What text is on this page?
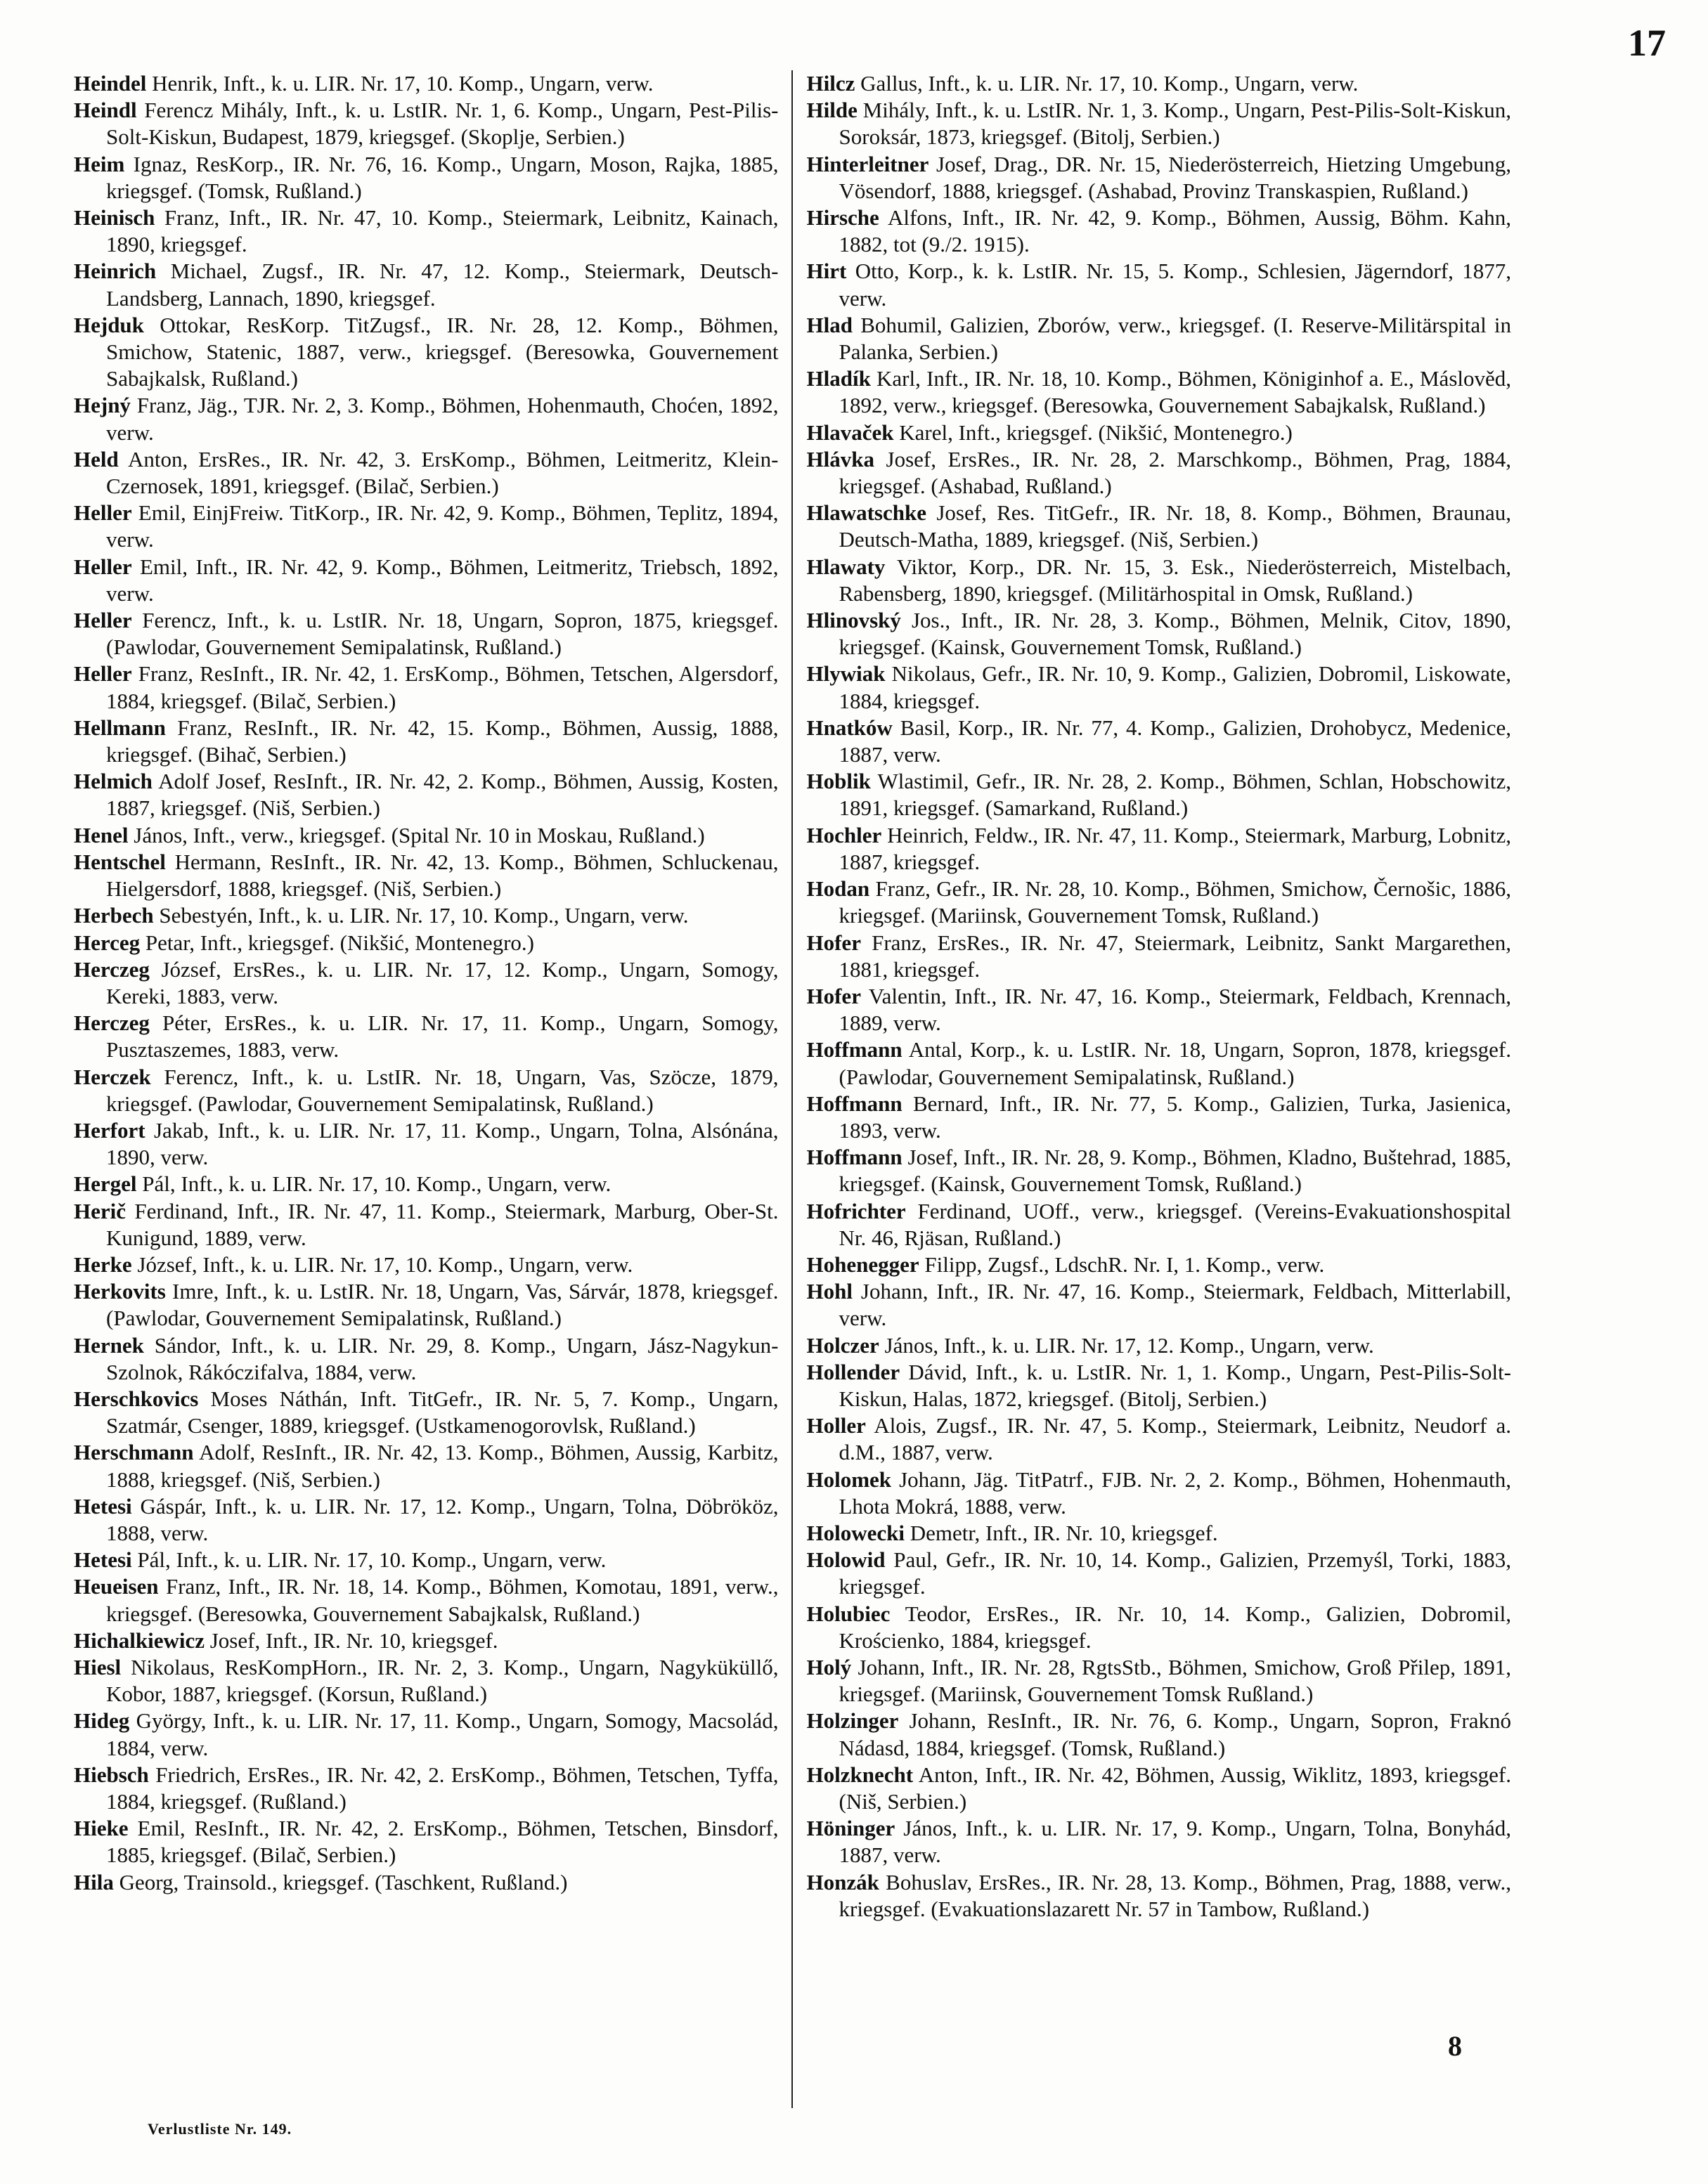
17

Heindel Henrik, Inft., k. u. LIR. Nr. 17, 10. Komp., Ungarn, verw.

Heindl Ferencz Mihály, Inft., k. u. LstIR. Nr. 1, 6. Komp., Ungarn, Pest-Pilis-Solt-Kiskun, Budapest, 1879, kriegsgef. (Skoplje, Serbien.)

Heim Ignaz, ResKorp., IR. Nr. 76, 16. Komp., Ungarn, Moson, Rajka, 1885, kriegsgef. (Tomsk, Rußland.)

Heinisch Franz, Inft., IR. Nr. 47, 10. Komp., Steiermark, Leibnitz, Kainach, 1890, kriegsgef.

Heinrich Michael, Zugsf., IR. Nr. 47, 12. Komp., Steiermark, Deutsch-Landsberg, Lannach, 1890, kriegsgef.

Hejduk Ottokar, ResKorp. TitZugsf., IR. Nr. 28, 12. Komp., Böhmen, Smichow, Statenic, 1887, verw., kriegsgef. (Beresowka, Gouvernement Sabajkalsk, Rußland.)

Hejný Franz, Jäg., TJR. Nr. 2, 3. Komp., Böhmen, Hohenmauth, Choćen, 1892, verw.

Held Anton, ErsRes., IR. Nr. 42, 3. ErsKomp., Böhmen, Leitmeritz, Klein-Czernosek, 1891, kriegsgef. (Bilač, Serbien.)

Heller Emil, EinjFreiw. TitKorp., IR. Nr. 42, 9. Komp., Böhmen, Teplitz, 1894, verw.

Heller Emil, Inft., IR. Nr. 42, 9. Komp., Böhmen, Leitmeritz, Triebsch, 1892, verw.

Heller Ferencz, Inft., k. u. LstIR. Nr. 18, Ungarn, Sopron, 1875, kriegsgef. (Pawlodar, Gouvernement Semipalatinsk, Rußland.)

Heller Franz, ResInft., IR. Nr. 42, 1. ErsKomp., Böhmen, Tetschen, Algersdorf, 1884, kriegsgef. (Bilač, Serbien.)

Hellmann Franz, ResInft., IR. Nr. 42, 15. Komp., Böhmen, Aussig, 1888, kriegsgef. (Bihač, Serbien.)

Helmich Adolf Josef, ResInft., IR. Nr. 42, 2. Komp., Böhmen, Aussig, Kosten, 1887, kriegsgef. (Niš, Serbien.)

Henel János, Inft., verw., kriegsgef. (Spital Nr. 10 in Moskau, Rußland.)

Hentschel Hermann, ResInft., IR. Nr. 42, 13. Komp., Böhmen, Schluckenau, Hielgersdorf, 1888, kriegsgef. (Niš, Serbien.)

Herbech Sebestyén, Inft., k. u. LIR. Nr. 17, 10. Komp., Ungarn, verw.

Herceg Petar, Inft., kriegsgef. (Nikšić, Montenegro.)

Herczeg József, ErsRes., k. u. LIR. Nr. 17, 12. Komp., Ungarn, Somogy, Kereki, 1883, verw.

Herczeg Péter, ErsRes., k. u. LIR. Nr. 17, 11. Komp., Ungarn, Somogy, Pusztaszemes, 1883, verw.

Herczek Ferencz, Inft., k. u. LstIR. Nr. 18, Ungarn, Vas, Szöcze, 1879, kriegsgef. (Pawlodar, Gouvernement Semipalatinsk, Rußland.)

Herfort Jakab, Inft., k. u. LIR. Nr. 17, 11. Komp., Ungarn, Tolna, Alsónána, 1890, verw.

Hergel Pál, Inft., k. u. LIR. Nr. 17, 10. Komp., Ungarn, verw.

Herič Ferdinand, Inft., IR. Nr. 47, 11. Komp., Steiermark, Marburg, Ober-St. Kunigund, 1889, verw.

Herke József, Inft., k. u. LIR. Nr. 17, 10. Komp., Ungarn, verw.

Herkovits Imre, Inft., k. u. LstIR. Nr. 18, Ungarn, Vas, Sárvár, 1878, kriegsgef. (Pawlodar, Gouvernement Semipalatinsk, Rußland.)

Hernek Sándor, Inft., k. u. LIR. Nr. 29, 8. Komp., Ungarn, Jász-Nagykun-Szolnok, Rákóczifalva, 1884, verw.

Herschkovics Moses Náthán, Inft. TitGefr., IR. Nr. 5, 7. Komp., Ungarn, Szatmár, Csenger, 1889, kriegsgef. (Ustkamenogorovlsk, Rußland.)

Herschmann Adolf, ResInft., IR. Nr. 42, 13. Komp., Böhmen, Aussig, Karbitz, 1888, kriegsgef. (Niš, Serbien.)

Hetesi Gáspár, Inft., k. u. LIR. Nr. 17, 12. Komp., Ungarn, Tolna, Döbrököz, 1888, verw.

Hetesi Pál, Inft., k. u. LIR. Nr. 17, 10. Komp., Ungarn, verw.

Heueisen Franz, Inft., IR. Nr. 18, 14. Komp., Böhmen, Komotau, 1891, verw., kriegsgef. (Beresowka, Gouvernement Sabajkalsk, Rußland.)

Hichalkiewicz Josef, Inft., IR. Nr. 10, kriegsgef.

Hiesl Nikolaus, ResKompHorn., IR. Nr. 2, 3. Komp., Ungarn, Nagyküküllő, Kobor, 1887, kriegsgef. (Korsun, Rußland.)

Hideg György, Inft., k. u. LIR. Nr. 17, 11. Komp., Ungarn, Somogy, Macsolád, 1884, verw.

Hiebsch Friedrich, ErsRes., IR. Nr. 42, 2. ErsKomp., Böhmen, Tetschen, Tyffa, 1884, kriegsgef. (Rußland.)

Hieke Emil, ResInft., IR. Nr. 42, 2. ErsKomp., Böhmen, Tetschen, Binsdorf, 1885, kriegsgef. (Bilač, Serbien.)

Hila Georg, Trainsold., kriegsgef. (Taschkent, Rußland.)

Hilcz Gallus, Inft., k. u. LIR. Nr. 17, 10. Komp., Ungarn, verw.

Hilde Mihály, Inft., k. u. LstIR. Nr. 1, 3. Komp., Ungarn, Pest-Pilis-Solt-Kiskun, Soroksár, 1873, kriegsgef. (Bitolj, Serbien.)

Hinterleitner Josef, Drag., DR. Nr. 15, Niederösterreich, Hietzing Umgebung, Vösendorf, 1888, kriegsgef. (Ashabad, Provinz Transkaspien, Rußland.)

Hirsche Alfons, Inft., IR. Nr. 42, 9. Komp., Böhmen, Aussig, Böhm. Kahn, 1882, tot (9./2. 1915).

Hirt Otto, Korp., k. k. LstIR. Nr. 15, 5. Komp., Schlesien, Jägerndorf, 1877, verw.

Hlad Bohumil, Galizien, Zborów, verw., kriegsgef. (I. Reserve-Militärspital in Palanka, Serbien.)

Hladík Karl, Inft., IR. Nr. 18, 10. Komp., Böhmen, Königinhof a. E., Máslověd, 1892, verw., kriegsgef. (Beresowka, Gouvernement Sabajkalsk, Rußland.)

Hlavaček Karel, Inft., kriegsgef. (Nikšić, Montenegro.)

Hlávka Josef, ErsRes., IR. Nr. 28, 2. Marschkomp., Böhmen, Prag, 1884, kriegsgef. (Ashabad, Rußland.)

Hlawatschke Josef, Res. TitGefr., IR. Nr. 18, 8. Komp., Böhmen, Braunau, Deutsch-Matha, 1889, kriegsgef. (Niš, Serbien.)

Hlawaty Viktor, Korp., DR. Nr. 15, 3. Esk., Niederösterreich, Mistelbach, Rabensberg, 1890, kriegsgef. (Militärhospital in Omsk, Rußland.)

Hlinovský Jos., Inft., IR. Nr. 28, 3. Komp., Böhmen, Melnik, Citov, 1890, kriegsgef. (Kainsk, Gouvernement Tomsk, Rußland.)

Hlywiak Nikolaus, Gefr., IR. Nr. 10, 9. Komp., Galizien, Dobromil, Liskowate, 1884, kriegsgef.

Hnatków Basil, Korp., IR. Nr. 77, 4. Komp., Galizien, Drohobycz, Medenice, 1887, verw.

Hoblik Wlastimil, Gefr., IR. Nr. 28, 2. Komp., Böhmen, Schlan, Hobschowitz, 1891, kriegsgef. (Samarkand, Rußland.)

Hochler Heinrich, Feldw., IR. Nr. 47, 11. Komp., Steiermark, Marburg, Lobnitz, 1887, kriegsgef.

Hodan Franz, Gefr., IR. Nr. 28, 10. Komp., Böhmen, Smichow, Černošic, 1886, kriegsgef. (Mariinsk, Gouvernement Tomsk, Rußland.)

Hofer Franz, ErsRes., IR. Nr. 47, Steiermark, Leibnitz, Sankt Margarethen, 1881, kriegsgef.

Hofer Valentin, Inft., IR. Nr. 47, 16. Komp., Steiermark, Feldbach, Krennach, 1889, verw.

Hoffmann Antal, Korp., k. u. LstIR. Nr. 18, Ungarn, Sopron, 1878, kriegsgef. (Pawlodar, Gouvernement Semipalatinsk, Rußland.)

Hoffmann Bernard, Inft., IR. Nr. 77, 5. Komp., Galizien, Turka, Jasienica, 1893, verw.

Hoffmann Josef, Inft., IR. Nr. 28, 9. Komp., Böhmen, Kladno, Buštehrad, 1885, kriegsgef. (Kainsk, Gouvernement Tomsk, Rußland.)

Hofrichter Ferdinand, UOff., verw., kriegsgef. (Vereins-Evakuationshospital Nr. 46, Rjäsan, Rußland.)

Hohenegger Filipp, Zugsf., LdschR. Nr. I, 1. Komp., verw.

Hohl Johann, Inft., IR. Nr. 47, 16. Komp., Steiermark, Feldbach, Mitterlabill, verw.

Holczer János, Inft., k. u. LIR. Nr. 17, 12. Komp., Ungarn, verw.

Hollender Dávid, Inft., k. u. LstIR. Nr. 1, 1. Komp., Ungarn, Pest-Pilis-Solt-Kiskun, Halas, 1872, kriegsgef. (Bitolj, Serbien.)

Holler Alois, Zugsf., IR. Nr. 47, 5. Komp., Steiermark, Leibnitz, Neudorf a. d.M., 1887, verw.

Holomek Johann, Jäg. TitPatrf., FJB. Nr. 2, 2. Komp., Böhmen, Hohenmauth, Lhota Mokrá, 1888, verw.

Holowecki Demetr, Inft., IR. Nr. 10, kriegsgef.

Holowid Paul, Gefr., IR. Nr. 10, 14. Komp., Galizien, Przemyśl, Torki, 1883, kriegsgef.

Holubiec Teodor, ErsRes., IR. Nr. 10, 14. Komp., Galizien, Dobromil, Krościenko, 1884, kriegsgef.

Holý Johann, Inft., IR. Nr. 28, RgtsStb., Böhmen, Smichow, Groß Přilep, 1891, kriegsgef. (Mariinsk, Gouvernement Tomsk Rußland.)

Holzinger Johann, ResInft., IR. Nr. 76, 6. Komp., Ungarn, Sopron, Fraknó Nádasd, 1884, kriegsgef. (Tomsk, Rußland.)

Holzknecht Anton, Inft., IR. Nr. 42, Böhmen, Aussig, Wiklitz, 1893, kriegsgef. (Niš, Serbien.)

Höninger János, Inft., k. u. LIR. Nr. 17, 9. Komp., Ungarn, Tolna, Bonyhád, 1887, verw.

Honzák Bohuslav, ErsRes., IR. Nr. 28, 13. Komp., Böhmen, Prag, 1888, verw., kriegsgef. (Evakuationslazarett Nr. 57 in Tambow, Rußland.)

Verlustliste Nr. 149.
8
